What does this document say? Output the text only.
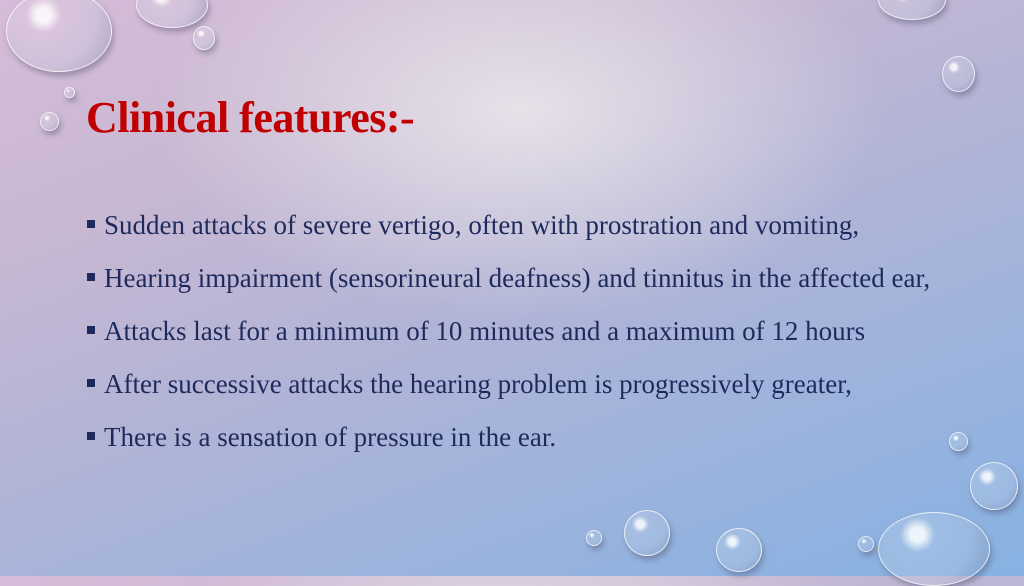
Clinical features:-
Sudden attacks of severe vertigo, often with prostration and vomiting,
Hearing impairment (sensorineural deafness) and tinnitus in the affected ear,
Attacks last for a minimum of 10 minutes and a maximum of 12 hours
After successive attacks the hearing problem is progressively greater,
There is a sensation of pressure in the ear.
